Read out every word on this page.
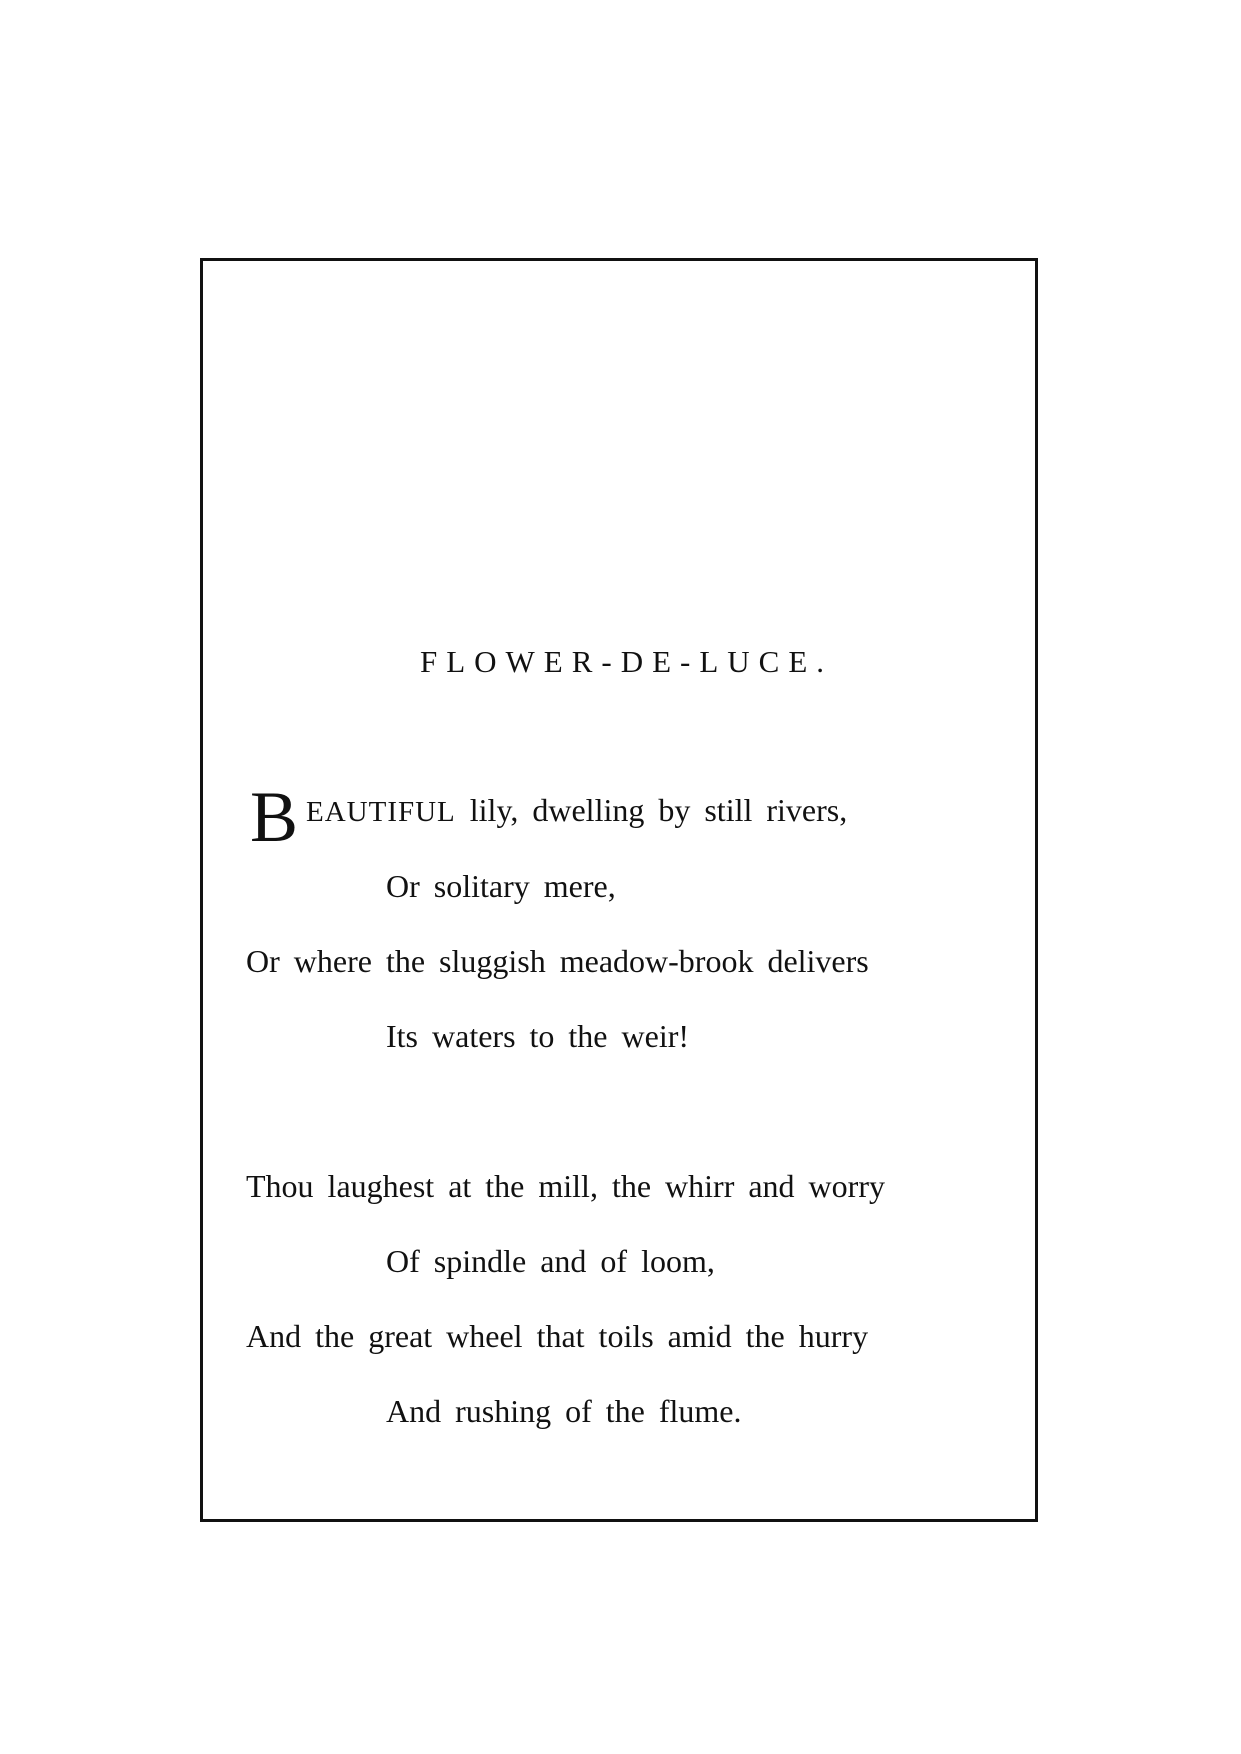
FLOWER-DE-LUCE.
B EAUTIFUL lily, dwelling by still rivers,
Or solitary mere,
Or where the sluggish meadow-brook delivers
Its waters to the weir!
Thou laughest at the mill, the whirr and worry
Of spindle and of loom,
And the great wheel that toils amid the hurry
And rushing of the flume.
